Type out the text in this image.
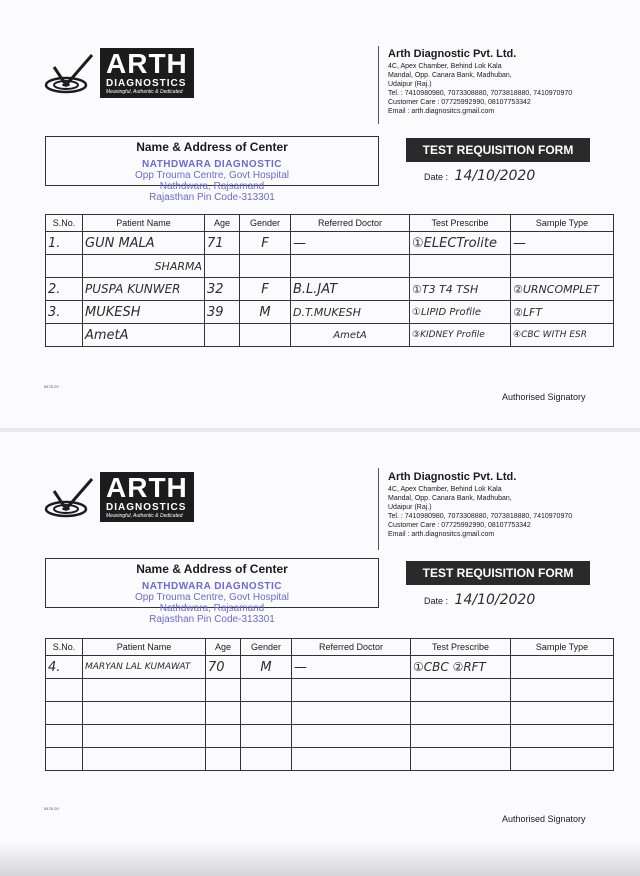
ARTH
DIAGNOSTICS
Meaningful, Authentic & Dedicated
Arth Diagnostic Pvt. Ltd.
4C, Apex Chamber, Behind Lok Kala
Mandal, Opp. Canara Bank, Madhuban,
Udaipur (Raj.)
Tel. : 7410980980, 7073308880, 7073818880, 7410970970
Customer Care : 07725992990, 08107753342
Email : arth.diagnositcs.gmail.com
Name & Address of Center
NATHDWARA DIAGNOSTIC
Opp Trouma Centre, Govt Hospital
Nathdwara, Rajsamand
Rajasthan Pin Code-313301
TEST REQUISITION FORM
Date : 14/10/2020
S.No.	Patient Name	Age	Gender	Referred Doctor	Test Prescribe	Sample Type
1.	GUN MALA	71	F	—	①ELECTrolite	—
	SHARMA					
2.	PUSPA KUNWER	32	F	B.L.JAT	①T3 T4 TSH	②URNCOMPLET
3.	MUKESH	39	M	D.T.MUKESH	①LIPID Profile	②LFT
	AmetA			AmetA	③KIDNEY Profile	④CBC WITH ESR
5478-20
Authorised Signatory
ARTH
DIAGNOSTICS
Meaningful, Authentic & Dedicated
Arth Diagnostic Pvt. Ltd.
4C, Apex Chamber, Behind Lok Kala
Mandal, Opp. Canara Bank, Madhuban,
Udaipur (Raj.)
Tel. : 7410980980, 7073308880, 7073818880, 7410970970
Customer Care : 07725992990, 08107753342
Email : arth.diagnositcs.gmail.com
Name & Address of Center
NATHDWARA DIAGNOSTIC
Opp Trouma Centre, Govt Hospital
Nathdwara, Rajsamand
Rajasthan Pin Code-313301
TEST REQUISITION FORM
Date : 14/10/2020
S.No.	Patient Name	Age	Gender	Referred Doctor	Test Prescribe	Sample Type
4.	MARYAN LAL KUMAWAT	70	M	—	①CBC ②RFT	

5478-20
Authorised Signatory
